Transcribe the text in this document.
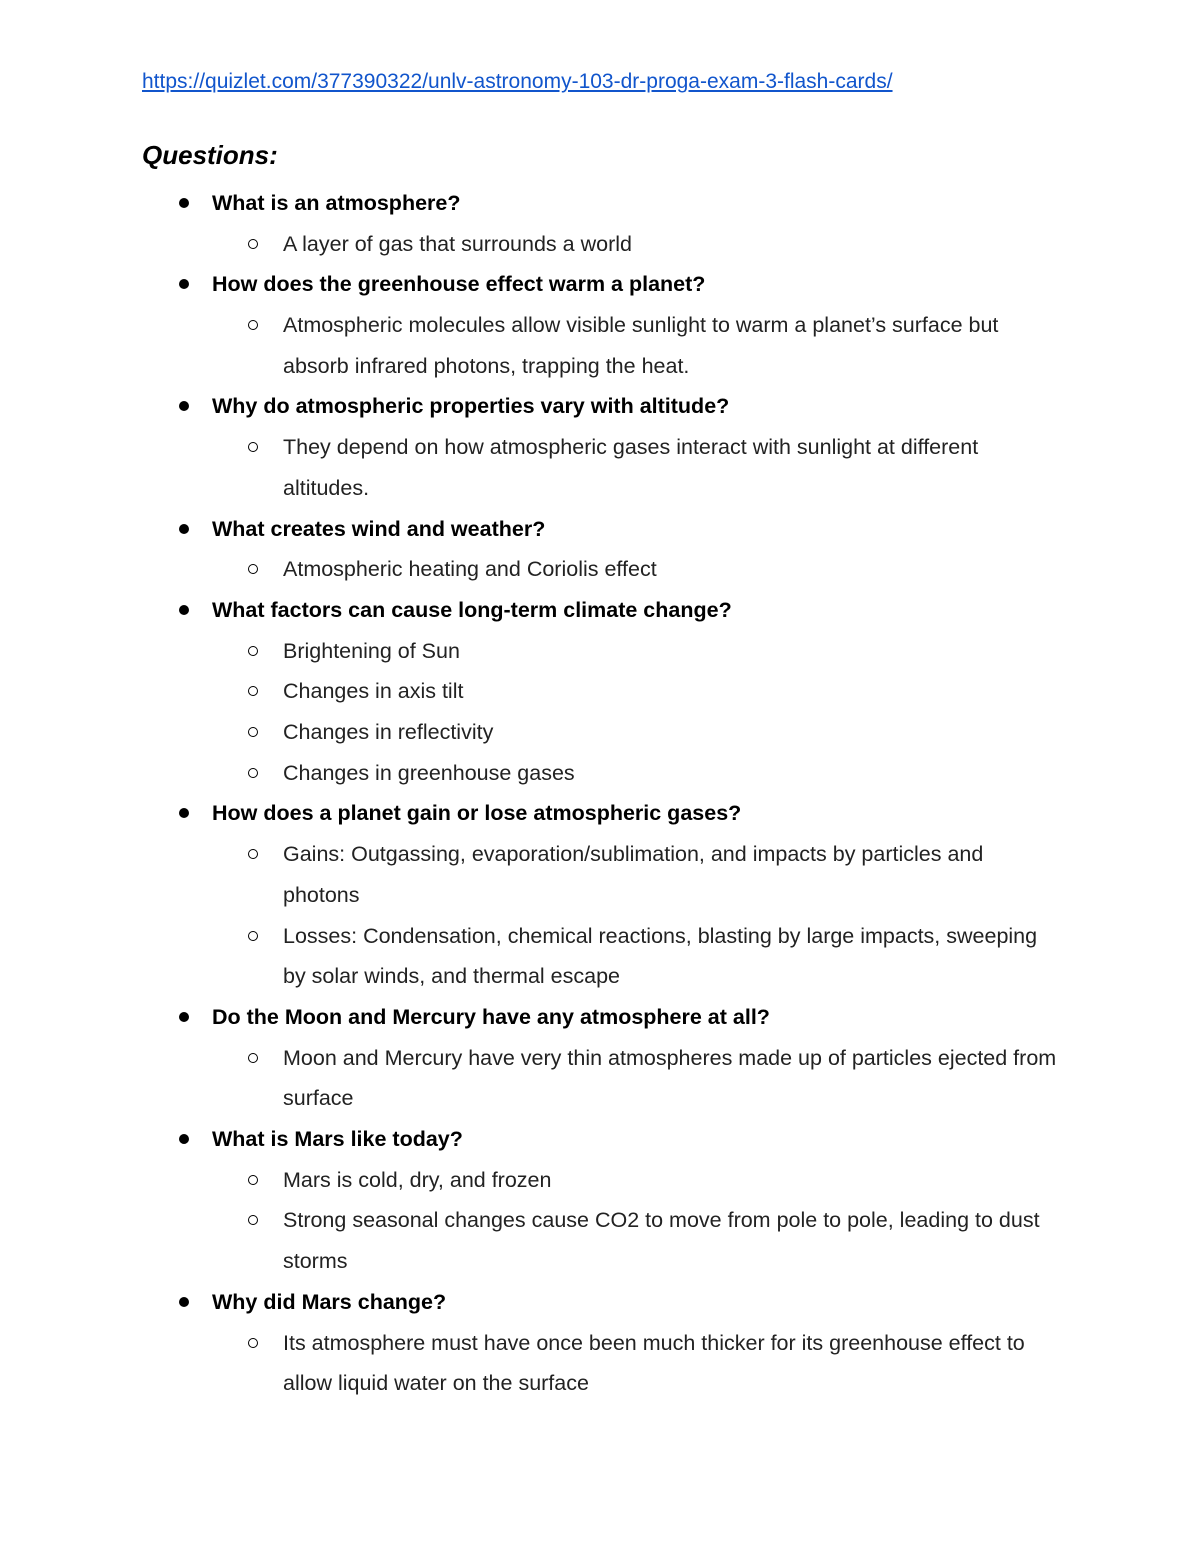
https://quizlet.com/377390322/unlv-astronomy-103-dr-proga-exam-3-flash-cards/
Questions:
What is an atmosphere?
A layer of gas that surrounds a world
How does the greenhouse effect warm a planet?
Atmospheric molecules allow visible sunlight to warm a planet’s surface but absorb infrared photons, trapping the heat.
Why do atmospheric properties vary with altitude?
They depend on how atmospheric gases interact with sunlight at different altitudes.
What creates wind and weather?
Atmospheric heating and Coriolis effect
What factors can cause long-term climate change?
Brightening of Sun
Changes in axis tilt
Changes in reflectivity
Changes in greenhouse gases
How does a planet gain or lose atmospheric gases?
Gains: Outgassing, evaporation/sublimation, and impacts by particles and photons
Losses: Condensation, chemical reactions, blasting by large impacts, sweeping by solar winds, and thermal escape
Do the Moon and Mercury have any atmosphere at all?
Moon and Mercury have very thin atmospheres made up of particles ejected from surface
What is Mars like today?
Mars is cold, dry, and frozen
Strong seasonal changes cause CO2 to move from pole to pole, leading to dust storms
Why did Mars change?
Its atmosphere must have once been much thicker for its greenhouse effect to allow liquid water on the surface
